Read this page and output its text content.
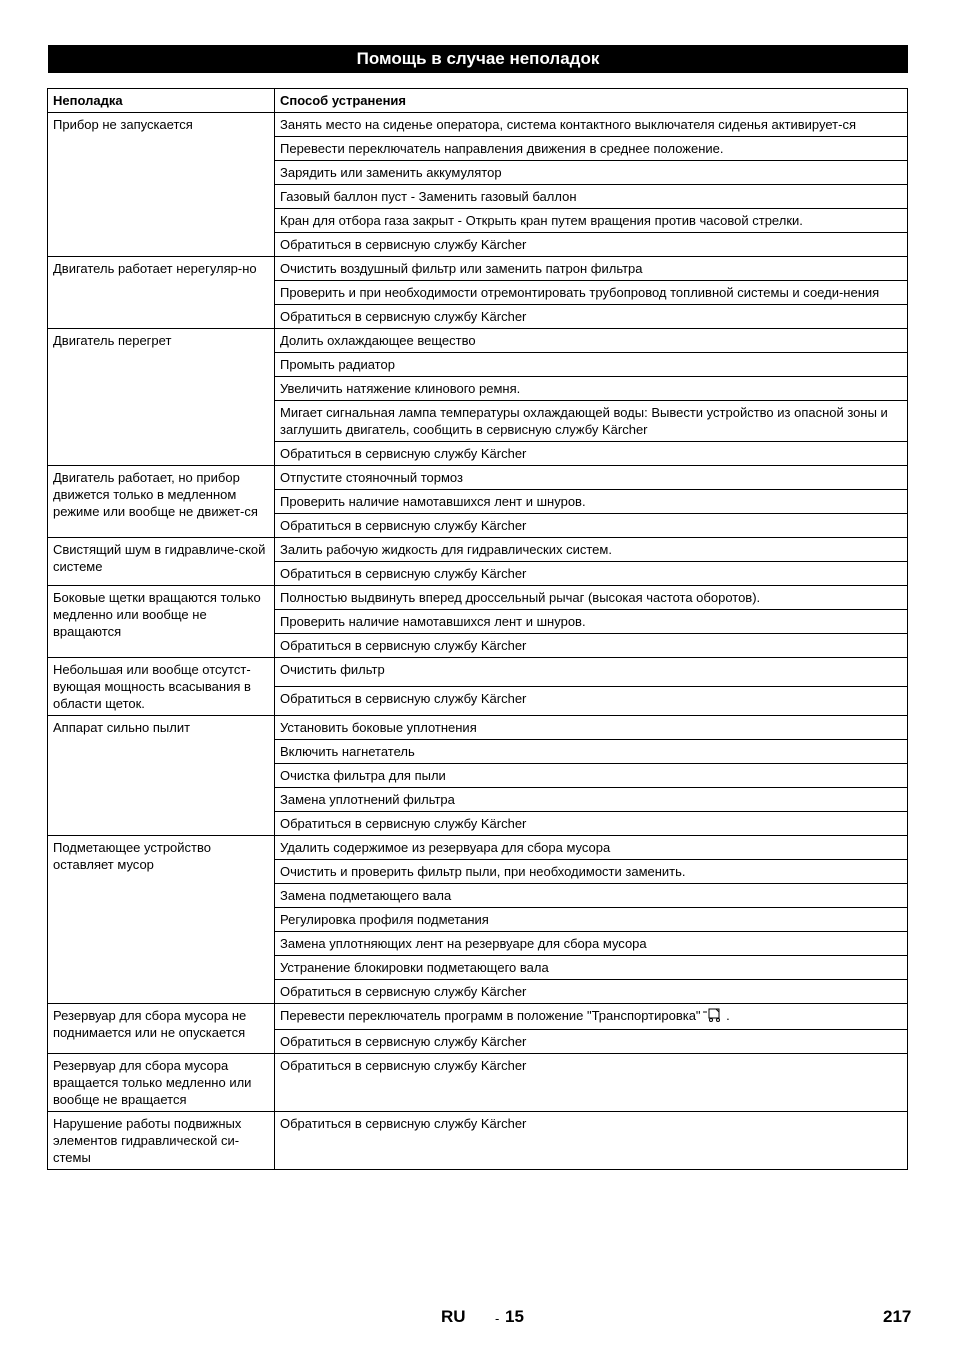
Помощь в случае неполадок
Неполадка	Способ устранения
Прибор не запускается	Занять место на сиденье оператора, система контактного выключателя сиденья активирует-ся
	Перевести переключатель направления движения в среднее положение.
	Зарядить или заменить аккумулятор
	Газовый баллон пуст - Заменить газовый баллон
	Кран для отбора газа закрыт - Открыть кран путем вращения против часовой стрелки.
	Обратиться в сервисную службу Kärcher
Двигатель работает нерегуляр-но	Очистить воздушный фильтр или заменить патрон фильтра
	Проверить и при необходимости отремонтировать трубопровод топливной системы и соеди-нения
	Обратиться в сервисную службу Kärcher
Двигатель перегрет	Долить охлаждающее вещество
	Промыть радиатор
	Увеличить натяжение клинового ремня.
	Мигает сигнальная лампа температуры охлаждающей воды: Вывести устройство из опасной зоны и заглушить двигатель, сообщить в сервисную службу Kärcher
	Обратиться в сервисную службу Kärcher
Двигатель работает, но прибор движется только в медленном режиме или вообще не движет-ся	Отпустите стояночный тормоз
	Проверить наличие намотавшихся лент и шнуров.
	Обратиться в сервисную службу Kärcher
Свистящий шум в гидравличе-ской системе	Залить рабочую жидкость для гидравлических систем.
	Обратиться в сервисную службу Kärcher
Боковые щетки вращаются только медленно или вообще не вращаются	Полностью выдвинуть вперед дроссельный рычаг (высокая частота оборотов).
	Проверить наличие намотавшихся лент и шнуров.
	Обратиться в сервисную службу Kärcher
Небольшая или вообще отсутст-вующая мощность всасывания в области щеток.	Очистить фильтр
	Обратиться в сервисную службу Kärcher
Аппарат сильно пылит	Установить боковые уплотнения
	Включить нагнетатель
	Очистка фильтра для пыли
	Замена уплотнений фильтра
	Обратиться в сервисную службу Kärcher
Подметающее устройство оставляет мусор	Удалить содержимое из резервуара для сбора мусора
	Очистить и проверить фильтр пыли, при необходимости заменить.
	Замена подметающего вала
	Регулировка профиля подметания
	Замена уплотняющих лент на резервуаре для сбора мусора
	Устранение блокировки подметающего вала
	Обратиться в сервисную службу Kärcher
Резервуар для сбора мусора не поднимается или не опускается	Перевести переключатель программ в положение "Транспортировка" .
	Обратиться в сервисную службу Kärcher
Резервуар для сбора мусора вращается только медленно или вообще не вращается	Обратиться в сервисную службу Kärcher
Нарушение работы подвижных элементов гидравлической си-стемы	Обратиться в сервисную службу Kärcher
RU - 15	217
